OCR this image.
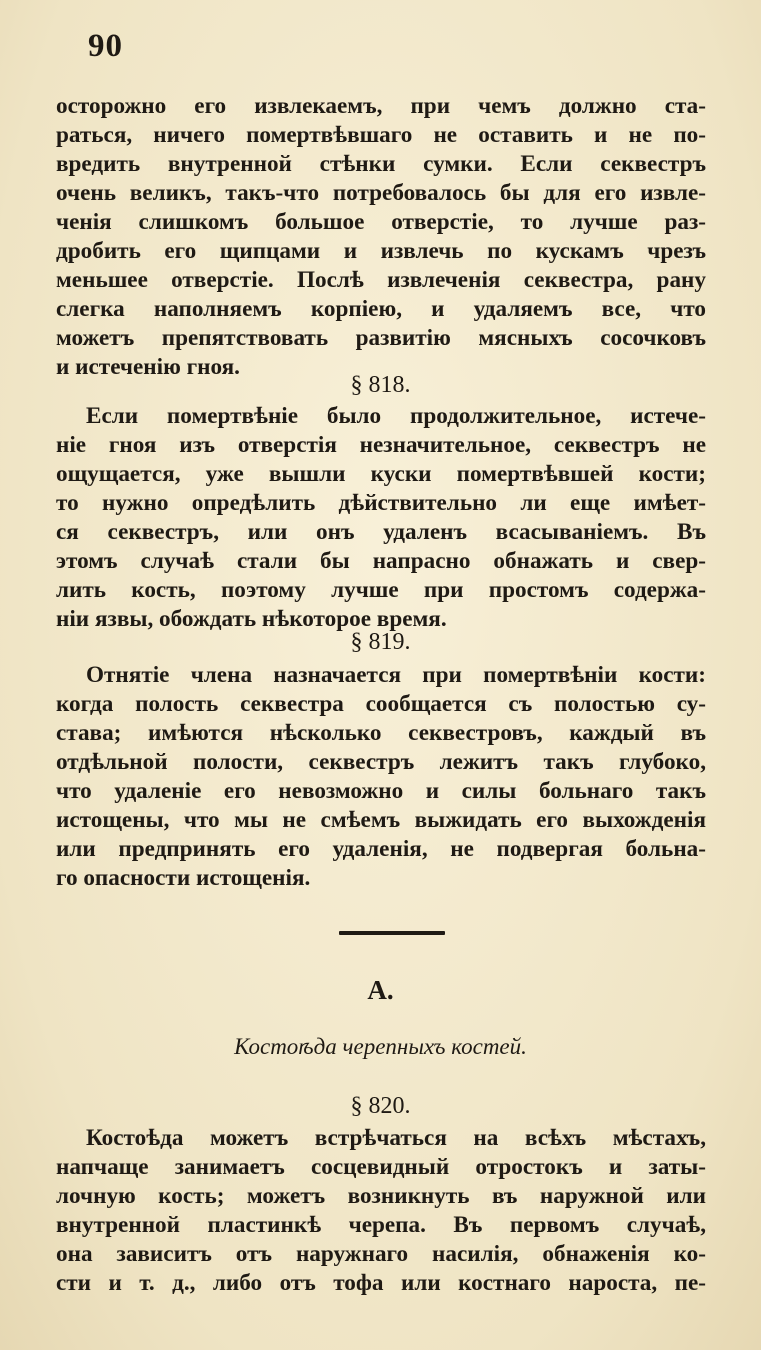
90
осторожно его извлекаемъ, при чемъ должно ста-
раться, ничего помертвѣвшаго не оставить и не по-
вредить внутренной стѣнки сумки. Если секвестръ
очень великъ, такъ-что потребовалось бы для его извле-
ченія слишкомъ большое отверстіе, то лучше раз-
дробить его щипцами и извлечь по кускамъ чрезъ
меньшее отверстіе. Послѣ извлеченія секвестра, рану
слегка наполняемъ корпіею, и удаляемъ все, что
можетъ препятствовать развитію мясныхъ сосочковъ
и истеченію гноя.
§ 818.
Если помертвѣніе было продолжительное, истече-
ніе гноя изъ отверстія незначительное, секвестръ не
ощущается, уже вышли куски помертвѣвшей кости;
то нужно опредѣлить дѣйствительно ли еще имѣет-
ся секвестръ, или онъ удаленъ всасываніемъ. Въ
этомъ случаѣ стали бы напрасно обнажать и свер-
лить кость, поэтому лучше при простомъ содержа-
ніи язвы, обождать нѣкоторое время.
§ 819.
Отнятіе члена назначается при помертвѣніи кости:
когда полость секвестра сообщается съ полостью су-
става; имѣются нѣсколько секвестровъ, каждый въ
отдѣльной полости, секвестръ лежитъ такъ глубоко,
что удаленіе его невозможно и силы больнаго такъ
истощены, что мы не смѣемъ выжидать его выхожденія
или предпринять его удаленія, не подвергая больна-
го опасности истощенія.
А.
Костоѣда черепныхъ костей.
§ 820.
Костоѣда можетъ встрѣчаться на всѣхъ мѣстахъ,
напчаще занимаетъ сосцевидный отростокъ и заты-
лочную кость; можетъ возникнуть въ наружной или
внутренной пластинкѣ черепа. Въ первомъ случаѣ,
она зависитъ отъ наружнаго насилія, обнаженія ко-
сти и т. д., либо отъ тофа или костнаго нароста, пе-
